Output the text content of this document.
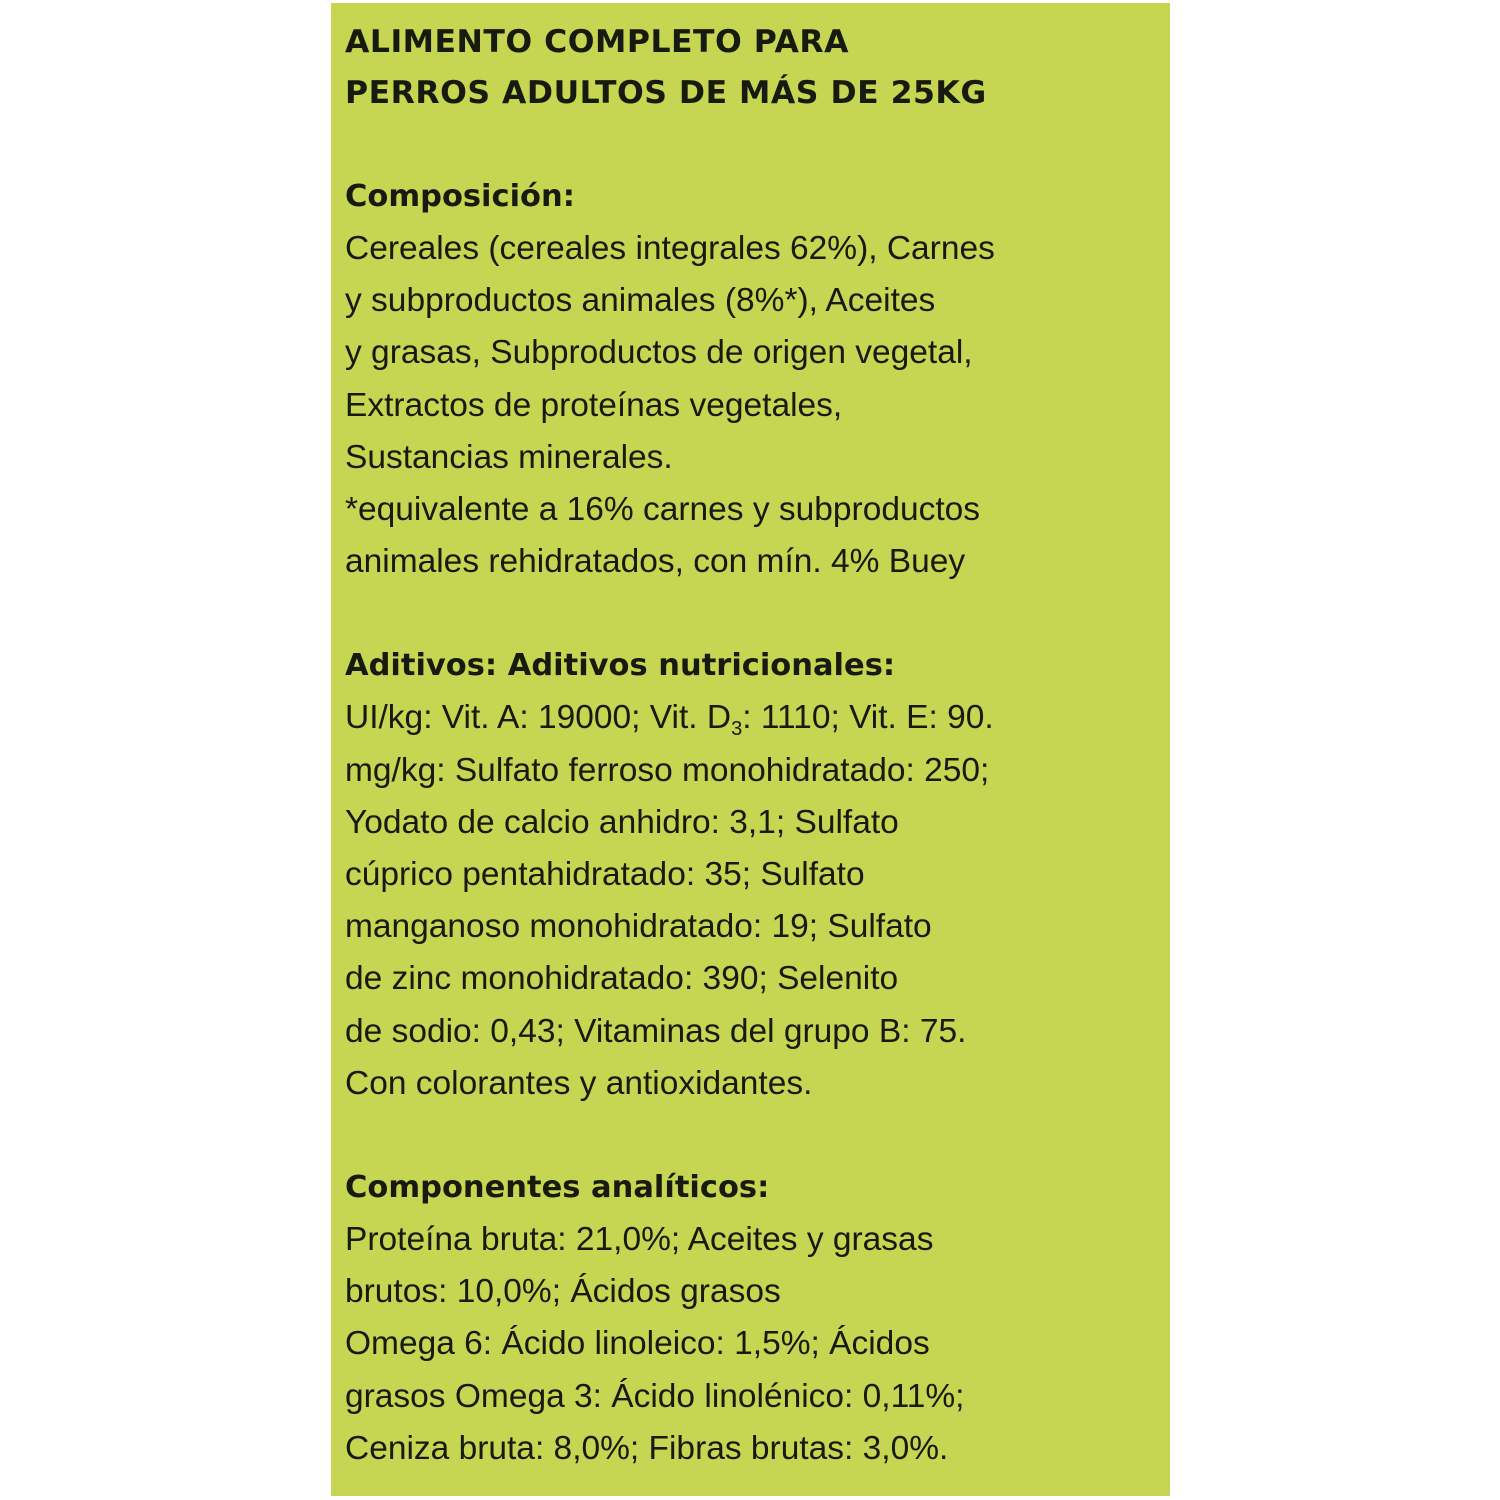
ALIMENTO COMPLETO PARA
PERROS ADULTOS DE MÁS DE 25KG
Composición:

Cereales (cereales integrales 62%), Carnes
y subproductos animales (8%*), Aceites
y grasas, Subproductos de origen vegetal,
Extractos de proteínas vegetales,
Sustancias minerales.
*equivalente a 16% carnes y subproductos
animales rehidratados, con mín. 4% Buey

Aditivos: Aditivos nutricionales:

UI/kg: Vit. A: 19000; Vit. $D_3$: 1110; Vit. E: 90.
mg/kg: Sulfato ferroso monohidratado: 250;
Yodato de calcio anhidro: 3,1; Sulfato
cúprico pentahidratado: 35; Sulfato
manganoso monohidratado: 19; Sulfato
de zinc monohidratado: 390; Selenito
de sodio: 0,43; Vitaminas del grupo B: 75.
Con colorantes y antioxidantes.

Componentes analíticos:

Proteína bruta: 21,0%; Aceites y grasas
brutos: 10,0%; Ácidos grasos
Omega 6: Ácido linoleico: 1,5%; Ácidos
grasos Omega 3: Ácido linolénico: 0,11%;
Ceniza bruta: 8,0%; Fibras brutas: 3,0%.
